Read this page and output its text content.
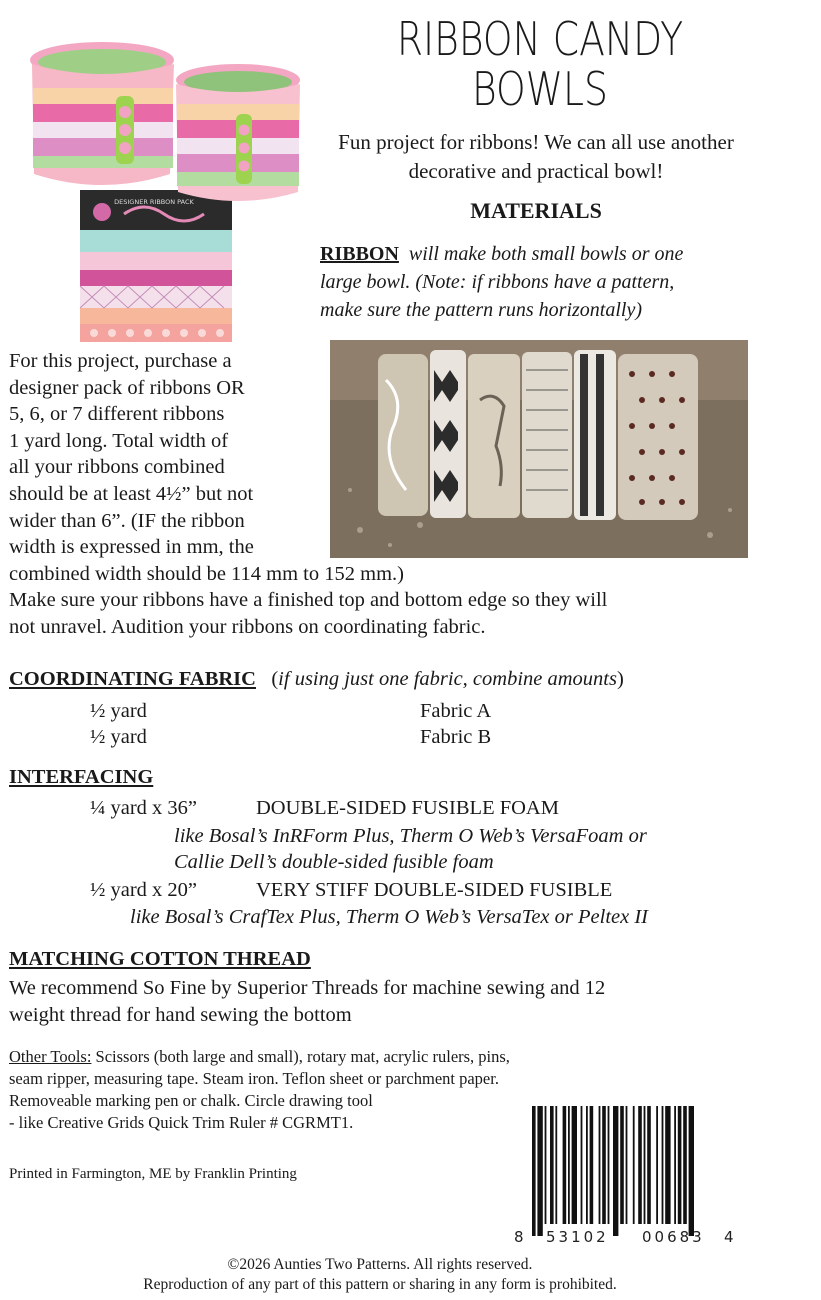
DESIGNER RIBBON PACK
RIBBON CANDY
BOWLS
Fun project for ribbons! We can all use another decorative and practical bowl!
MATERIALS
RIBBON will make both small bowls or one
large bowl. (Note: if ribbons have a pattern,
make sure the pattern runs horizontally)
For this project, purchase a
designer pack of ribbons OR
5, 6, or 7 different ribbons
1 yard long. Total width of
all your ribbons combined
should be at least 4½” but not
wider than 6”. (IF the ribbon
width is expressed in mm, the
combined width should be 114 mm to 152 mm.)
Make sure your ribbons have a finished top and bottom edge so they will
not unravel. Audition your ribbons on coordinating fabric.
COORDINATING FABRIC   (if using just one fabric, combine amounts)
½ yard	Fabric A
½ yard	Fabric B
INTERFACING
¼ yard x 36”	DOUBLE-SIDED FUSIBLE FOAM
like Bosal’s InRForm Plus, Therm O Web’s VersaFoam or
Callie Dell’s double-sided fusible foam
½ yard x 20”	VERY STIFF DOUBLE-SIDED FUSIBLE
like Bosal’s CrafTex Plus, Therm O Web’s VersaTex or Peltex II
MATCHING COTTON THREAD
We recommend So Fine by Superior Threads for machine sewing and 12
weight thread for hand sewing the bottom
Other Tools: Scissors (both large and small), rotary mat, acrylic rulers, pins,
seam ripper, measuring tape. Steam iron. Teflon sheet or parchment paper.
Removeable marking pen or chalk. Circle drawing tool
- like Creative Grids Quick Trim Ruler # CGRMT1.
Printed in Farmington, ME by Franklin Printing
8 53102 00683 4
©2026 Aunties Two Patterns. All rights reserved.
Reproduction of any part of this pattern or sharing in any form is prohibited.
